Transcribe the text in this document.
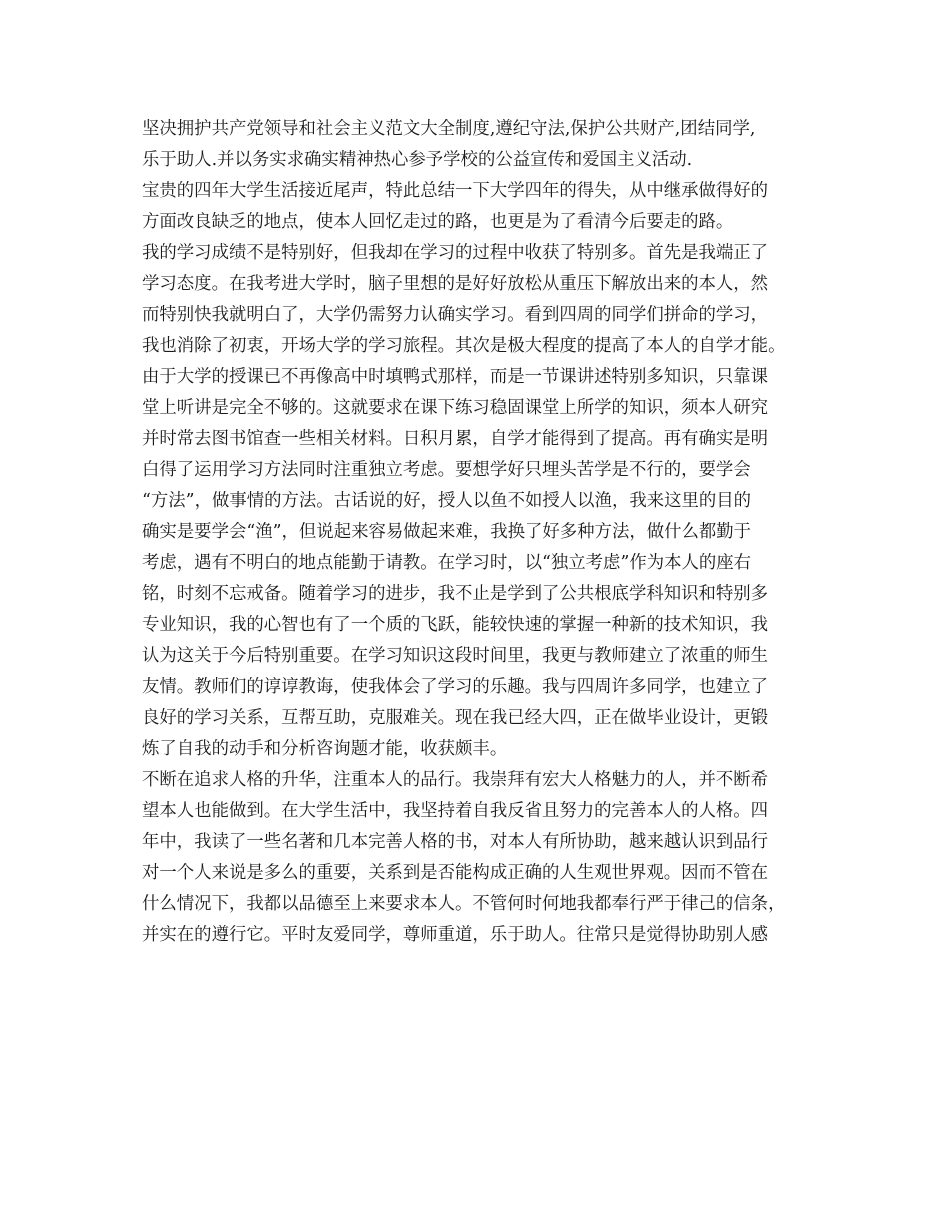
坚决拥护共产党领导和社会主义范文大全制度,遵纪守法,保护公共财产,团结同学,
乐于助人.并以务实求确实精神热心参予学校的公益宣传和爱国主义活动.
宝贵的四年大学生活接近尾声，特此总结一下大学四年的得失，从中继承做得好的
方面改良缺乏的地点，使本人回忆走过的路，也更是为了看清今后要走的路。
我的学习成绩不是特别好，但我却在学习的过程中收获了特别多。首先是我端正了
学习态度。在我考进大学时，脑子里想的是好好放松从重压下解放出来的本人，然
而特别快我就明白了，大学仍需努力认确实学习。看到四周的同学们拼命的学习，
我也消除了初衷，开场大学的学习旅程。其次是极大程度的提高了本人的自学才能。
由于大学的授课已不再像高中时填鸭式那样，而是一节课讲述特别多知识，只靠课
堂上听讲是完全不够的。这就要求在课下练习稳固课堂上所学的知识，须本人研究
并时常去图书馆查一些相关材料。日积月累，自学才能得到了提高。再有确实是明
白得了运用学习方法同时注重独立考虑。要想学好只埋头苦学是不行的，要学会
“方法”，做事情的方法。古话说的好，授人以鱼不如授人以渔，我来这里的目的
确实是要学会“渔”，但说起来容易做起来难，我换了好多种方法，做什么都勤于
考虑，遇有不明白的地点能勤于请教。在学习时，以“独立考虑”作为本人的座右
铭，时刻不忘戒备。随着学习的进步，我不止是学到了公共根底学科知识和特别多
专业知识，我的心智也有了一个质的飞跃，能较快速的掌握一种新的技术知识，我
认为这关于今后特别重要。在学习知识这段时间里，我更与教师建立了浓重的师生
友情。教师们的谆谆教诲，使我体会了学习的乐趣。我与四周许多同学，也建立了
良好的学习关系，互帮互助，克服难关。现在我已经大四，正在做毕业设计，更锻
炼了自我的动手和分析咨询题才能，收获颇丰。
不断在追求人格的升华，注重本人的品行。我崇拜有宏大人格魅力的人，并不断希
望本人也能做到。在大学生活中，我坚持着自我反省且努力的完善本人的人格。四
年中，我读了一些名著和几本完善人格的书，对本人有所协助，越来越认识到品行
对一个人来说是多么的重要，关系到是否能构成正确的人生观世界观。因而不管在
什么情况下，我都以品德至上来要求本人。不管何时何地我都奉行严于律己的信条，
并实在的遵行它。平时友爱同学，尊师重道，乐于助人。往常只是觉得协助别人感
